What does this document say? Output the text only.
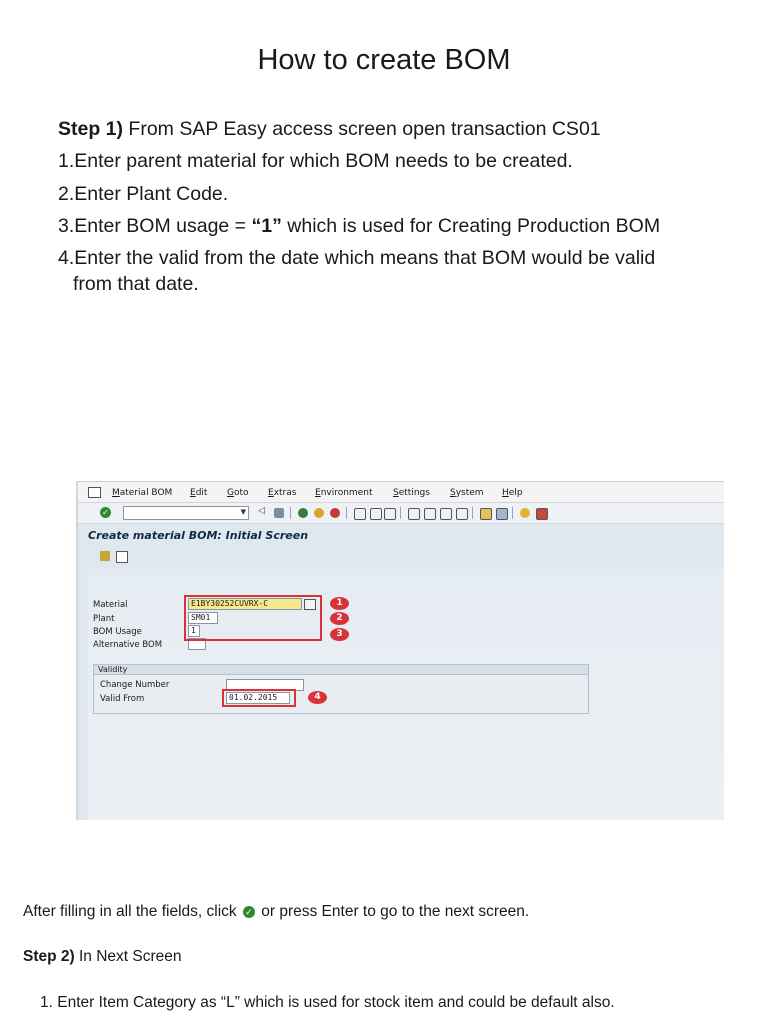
How to create BOM

Step 1) From SAP Easy access screen open transaction CS01

1.Enter parent material for which BOM needs to be created.

2.Enter Plant Code.

3.Enter BOM usage = “1” which is used for Creating Production BOM

4.Enter the valid from the date which means that BOM would be valid
from that date.

Material BOM Edit Goto Extras Environment Settings System Help
✓	▼ ◁
Create material BOM: Initial Screen
Material	E1BY30252CUVRX-C
Plant	SM01
BOM Usage	1
Alternative BOM
1
2
3
Validity
Change Number
Valid From	01.02.2015	4
After filling in all the fields, click ✓ or press Enter to go to the next screen.
Step 2) In Next Screen
1. Enter Item Category as “L” which is used for stock item and could be default also.
